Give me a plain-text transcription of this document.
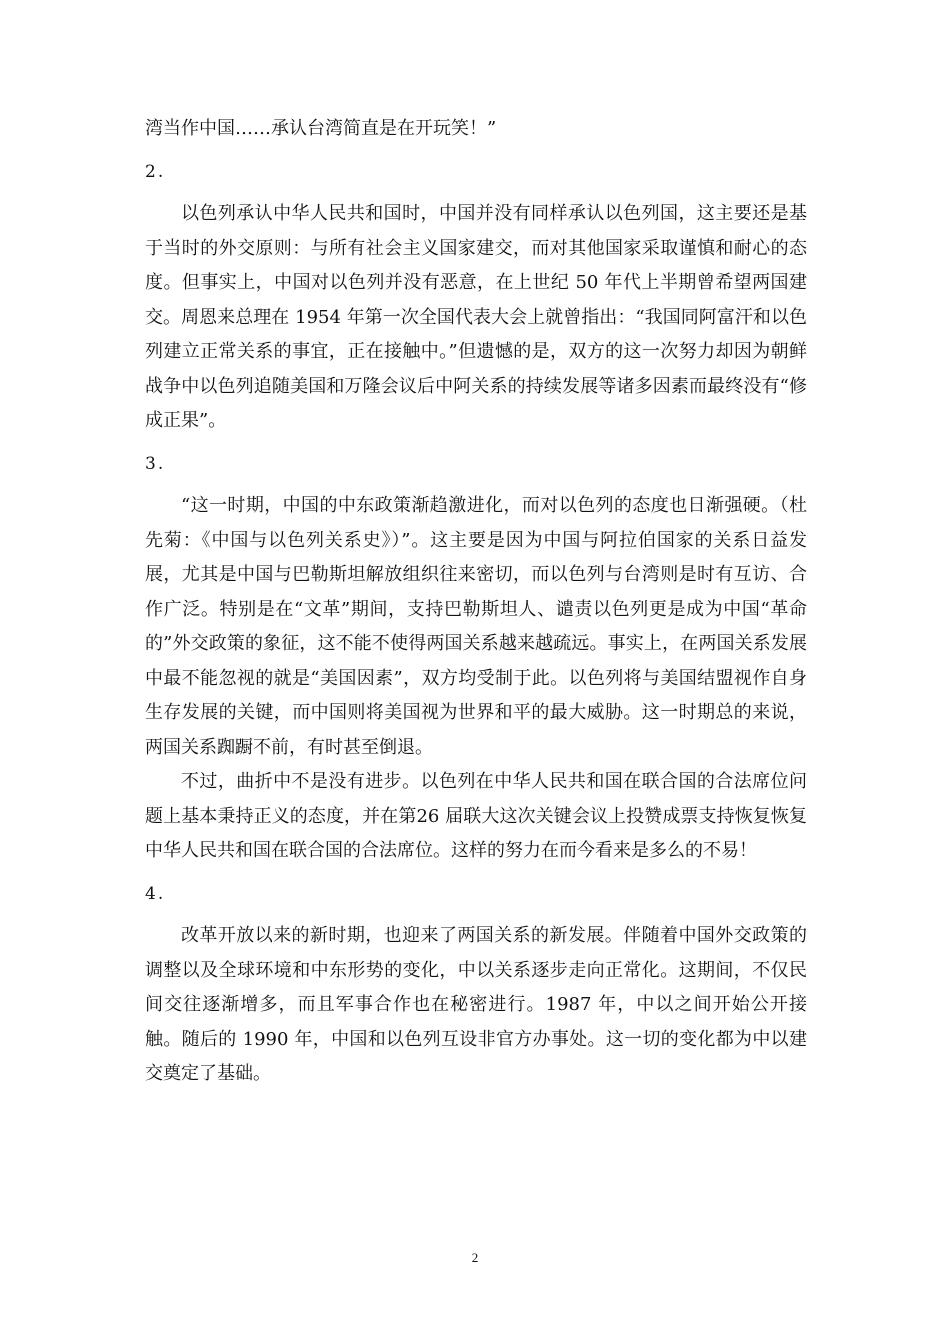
湾当作中国……承认台湾简直是在开玩笑！”

2.

以色列承认中华人民共和国时，中国并没有同样承认以色列国，这主要还是基于当时的外交原则：与所有社会主义国家建交，而对其他国家采取谨慎和耐心的态度。但事实上，中国对以色列并没有恶意，在上世纪 50 年代上半期曾希望两国建交。周恩来总理在 1954 年第一次全国代表大会上就曾指出：“我国同阿富汗和以色列建立正常关系的事宜，正在接触中。”但遗憾的是，双方的这一次努力却因为朝鲜战争中以色列追随美国和万隆会议后中阿关系的持续发展等诸多因素而最终没有“修成正果”。

3.

“这一时期，中国的中东政策渐趋激进化，而对以色列的态度也日渐强硬。（杜先菊：《中国与以色列关系史》）”。这主要是因为中国与阿拉伯国家的关系日益发展，尤其是中国与巴勒斯坦解放组织往来密切，而以色列与台湾则是时有互访、合作广泛。特别是在“文革”期间，支持巴勒斯坦人、谴责以色列更是成为中国“革命的”外交政策的象征，这不能不使得两国关系越来越疏远。事实上，在两国关系发展中最不能忽视的就是“美国因素”，双方均受制于此。以色列将与美国结盟视作自身生存发展的关键，而中国则将美国视为世界和平的最大威胁。这一时期总的来说，两国关系踟蹰不前，有时甚至倒退。

不过，曲折中不是没有进步。以色列在中华人民共和国在联合国的合法席位问题上基本秉持正义的态度，并在第26 届联大这次关键会议上投赞成票支持恢复恢复中华人民共和国在联合国的合法席位。这样的努力在而今看来是多么的不易！

4.

改革开放以来的新时期，也迎来了两国关系的新发展。伴随着中国外交政策的调整以及全球环境和中东形势的变化，中以关系逐步走向正常化。这期间，不仅民间交往逐渐增多，而且军事合作也在秘密进行。1987 年，中以之间开始公开接触。随后的 1990 年，中国和以色列互设非官方办事处。这一切的变化都为中以建交奠定了基础。

2
